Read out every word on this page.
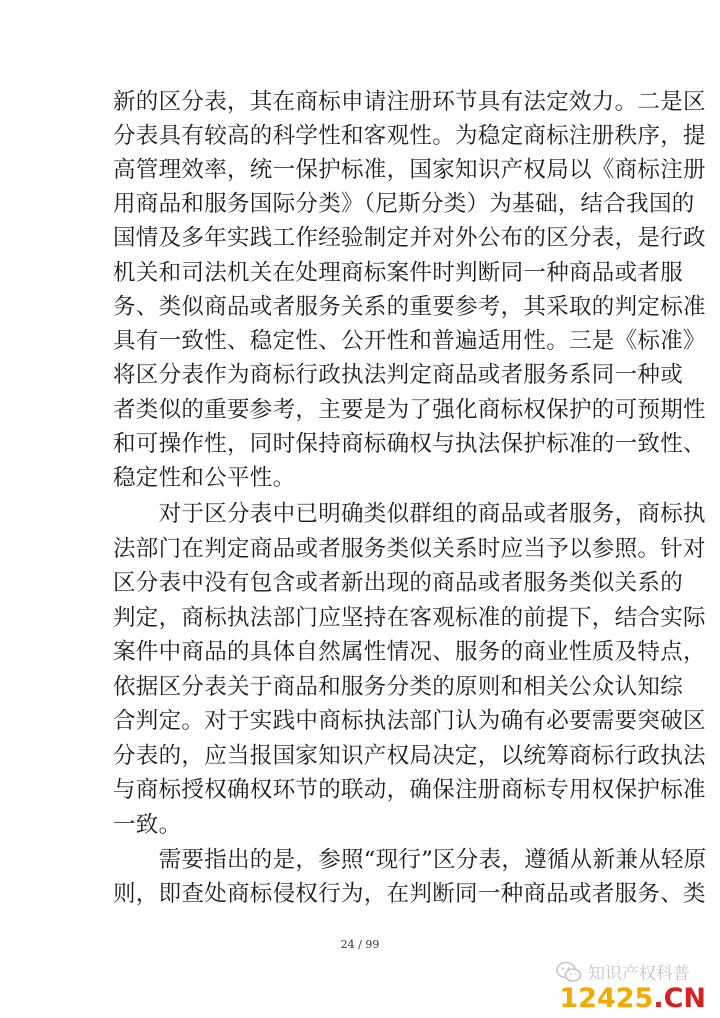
新的区分表，其在商标申请注册环节具有法定效力。二是区
分表具有较高的科学性和客观性。为稳定商标注册秩序，提
高管理效率，统一保护标准，国家知识产权局以《商标注册
用商品和服务国际分类》（尼斯分类）为基础，结合我国的
国情及多年实践工作经验制定并对外公布的区分表，是行政
机关和司法机关在处理商标案件时判断同一种商品或者服
务、类似商品或者服务关系的重要参考，其采取的判定标准
具有一致性、稳定性、公开性和普遍适用性。三是《标准》
将区分表作为商标行政执法判定商品或者服务系同一种或
者类似的重要参考，主要是为了强化商标权保护的可预期性
和可操作性，同时保持商标确权与执法保护标准的一致性、
稳定性和公平性。
　　对于区分表中已明确类似群组的商品或者服务，商标执
法部门在判定商品或者服务类似关系时应当予以参照。针对
区分表中没有包含或者新出现的商品或者服务类似关系的
判定，商标执法部门应坚持在客观标准的前提下，结合实际
案件中商品的具体自然属性情况、服务的商业性质及特点，
依据区分表关于商品和服务分类的原则和相关公众认知综
合判定。对于实践中商标执法部门认为确有必要需要突破区
分表的，应当报国家知识产权局决定，以统筹商标行政执法
与商标授权确权环节的联动，确保注册商标专用权保护标准
一致。
　　需要指出的是，参照“现行”区分表，遵循从新兼从轻原
则，即查处商标侵权行为，在判断同一种商品或者服务、类
24 / 99
知识产权科普
12425.CN
